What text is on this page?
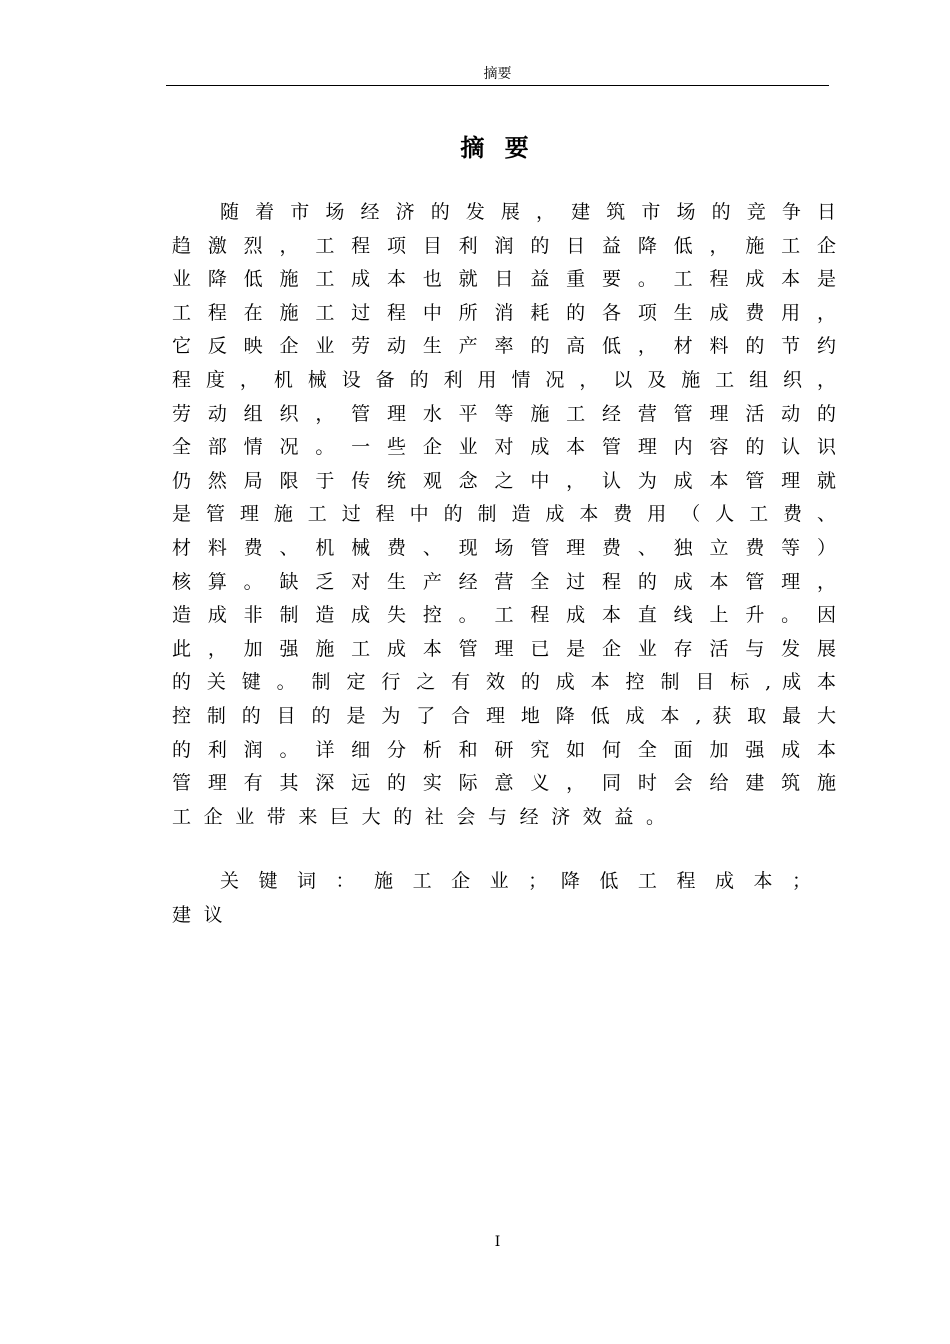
摘要
摘 要
随 着 市 场 经 济 的 发 展 ， 建 筑 市 场 的 竞 争 日
趋 激 烈 ， 工 程 项 目 利 润 的 日 益 降 低 ， 施 工 企
业 降 低 施 工 成 本 也 就 日 益 重 要 。 工 程 成 本 是
工 程 在 施 工 过 程 中 所 消 耗 的 各 项 生 成 费 用 ，
它 反 映 企 业 劳 动 生 产 率 的 高 低 ， 材 料 的 节 约
程 度 ， 机 械 设 备 的 利 用 情 况 ， 以 及 施 工 组 织 ，
劳 动 组 织 ， 管 理 水 平 等 施 工 经 营 管 理 活 动 的
全 部 情 况 。 一 些 企 业 对 成 本 管 理 内 容 的 认 识
仍 然 局 限 于 传 统 观 念 之 中 ， 认 为 成 本 管 理 就
是 管 理 施 工 过 程 中 的 制 造 成 本 费 用 （ 人 工 费 、
材 料 费 、 机 械 费 、 现 场 管 理 费 、 独 立 费 等 ）
核 算 。 缺 乏 对 生 产 经 营 全 过 程 的 成 本 管 理 ，
造 成 非 制 造 成 失 控 。 工 程 成 本 直 线 上 升 。 因
此 ， 加 强 施 工 成 本 管 理 已 是 企 业 存 活 与 发 展
的 关 键 。 制 定 行 之 有 效 的 成 本 控 制 目 标 , 成 本
控 制 的 目 的 是 为 了 合 理 地 降 低 成 本 , 获 取 最 大
的 利 润 。 详 细 分 析 和 研 究 如 何 全 面 加 强 成 本
管 理 有 其 深 远 的 实 际 意 义 ， 同 时 会 给 建 筑 施
工企业带来巨大的社会与经济效益。
关 键 词 ： 施 工 企 业 ； 降 低 工 程 成 本 ；
建议
I
